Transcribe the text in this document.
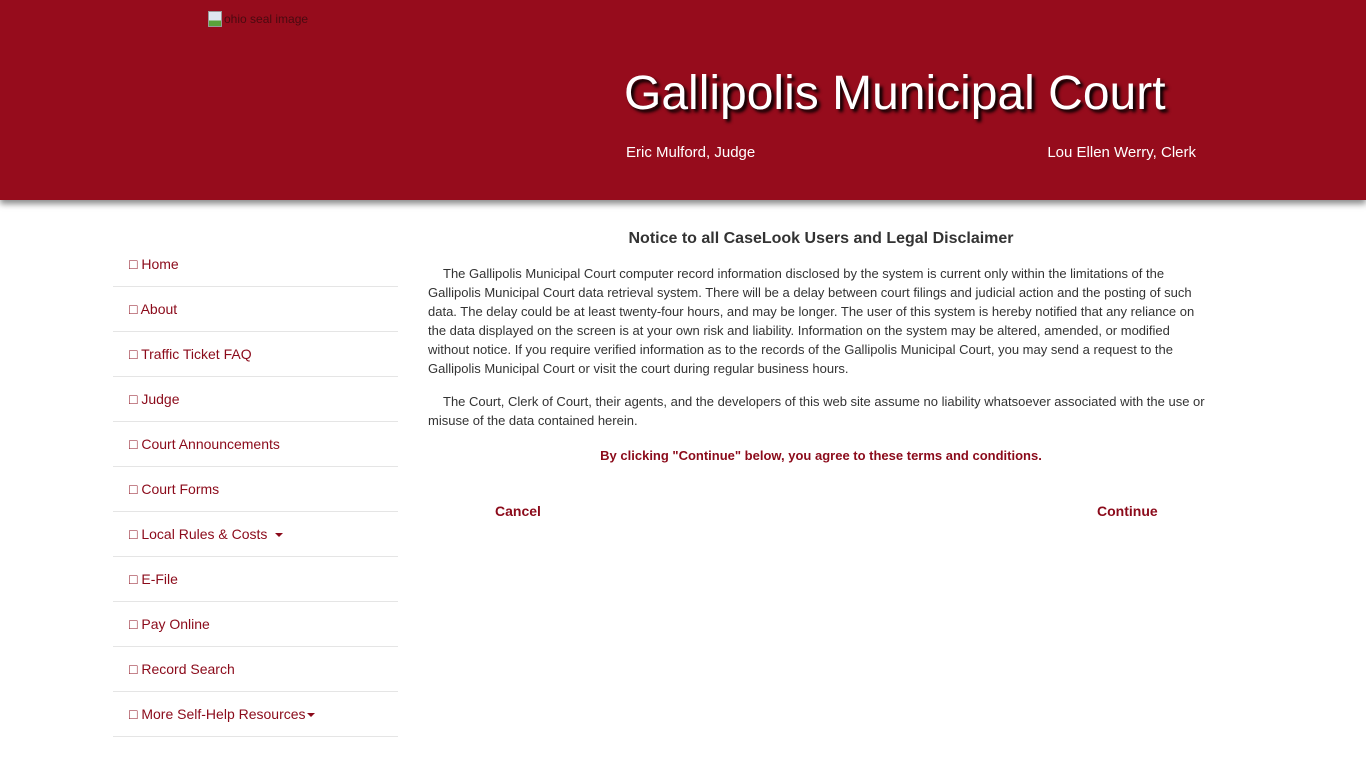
ohio seal image
Gallipolis Municipal Court
Eric Mulford, Judge	Lou Ellen Werry, Clerk
□ Home
□ About
□ Traffic Ticket FAQ
□ Judge
□ Court Announcements
□ Court Forms
□ Local Rules & Costs
□ E-File
□ Pay Online
□ Record Search
□ More Self-Help Resources
Notice to all CaseLook Users and Legal Disclaimer

The Gallipolis Municipal Court computer record information disclosed by the system is current only within the limitations of the Gallipolis Municipal Court data retrieval system. There will be a delay between court filings and judicial action and the posting of such data. The delay could be at least twenty-four hours, and may be longer. The user of this system is hereby notified that any reliance on the data displayed on the screen is at your own risk and liability. Information on the system may be altered, amended, or modified without notice. If you require verified information as to the records of the Gallipolis Municipal Court, you may send a request to the Gallipolis Municipal Court or visit the court during regular business hours.

The Court, Clerk of Court, their agents, and the developers of this web site assume no liability whatsoever associated with the use or misuse of the data contained herein.

By clicking "Continue" below, you agree to these terms and conditions.
Cancel	Continue
